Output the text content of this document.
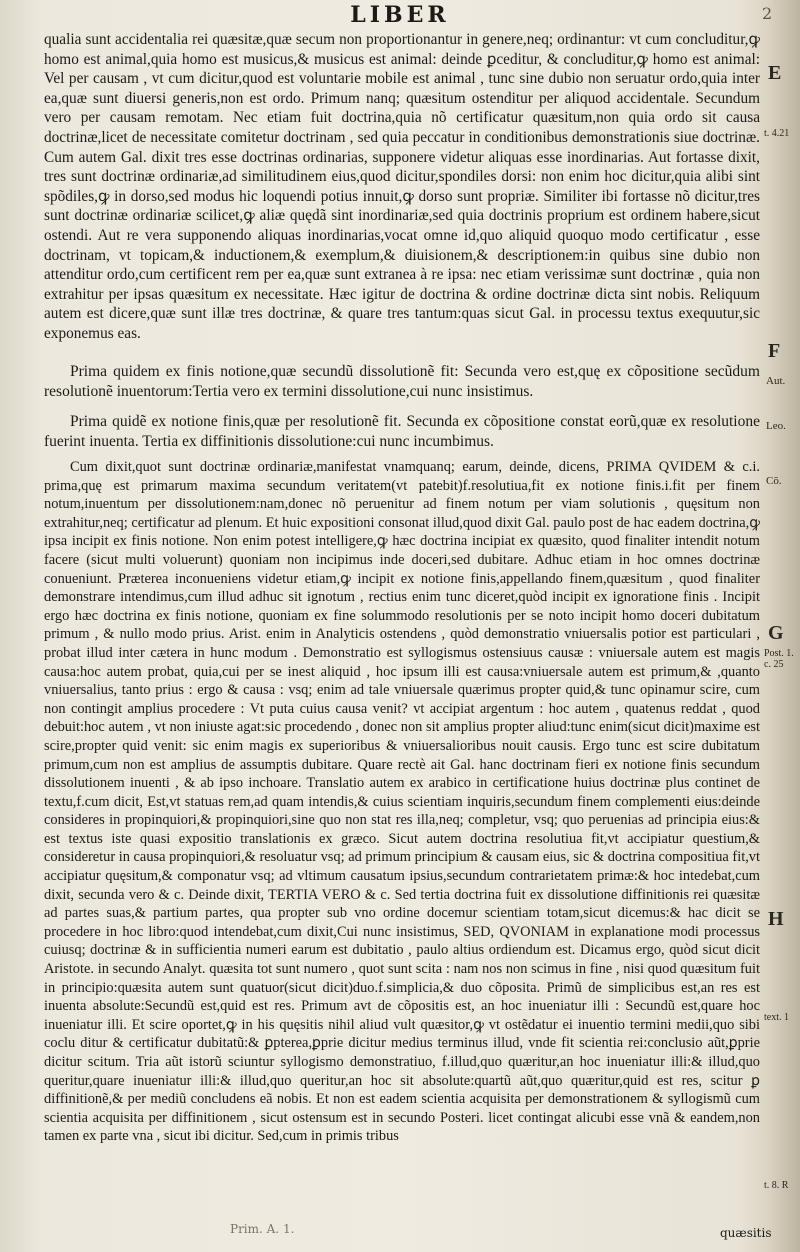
LIBER	2

qualia sunt accidentalia rei quæsitæ,quæ secum non proportionantur in genere,neq; ordinantur: vt cum concluditur,ꝙ homo est animal,quia homo est musicus,& musicus est animal: deinde ꝑceditur, & concluditur,ꝙ homo est animal: Vel per causam , vt cum dicitur,quod est voluntarie mobile est animal , tunc sine dubio non seruatur ordo,quia inter ea,quæ sunt diuersi generis,non est ordo. Primum nanq; quæsitum ostenditur per aliquod accidentale. Secundum vero per causam remotam. Nec etiam fuit doctrina,quia nõ certificatur quæsitum,non quia ordo sit causa doctrinæ,licet de necessitate comitetur doctrinam , sed quia peccatur in conditionibus demonstrationis siue doctrinæ. Cum autem Gal. dixit tres esse doctrinas ordinarias, supponere videtur aliquas esse inordinarias. Aut fortasse dixit, tres sunt doctrinæ ordinariæ,ad similitudinem eius,quod dicitur,spondiles dorsi: non enim hoc dicitur,quia alibi sint spõdiles,ꝙ in dorso,sed modus hic loquendi potius innuit,ꝙ dorso sunt propriæ. Similiter ibi fortasse nõ dicitur,tres sunt doctrinæ ordinariæ scilicet,ꝙ aliæ quędã sint inordinariæ,sed quia doctrinis proprium est ordinem habere,sicut ostendi. Aut re vera supponendo aliquas inordinarias,vocat omne id,quo aliquid quoquo modo certificatur , esse doctrinam, vt topicam,& inductionem,& exemplum,& diuisionem,& descriptionem:in quibus sine dubio non attenditur ordo,cum certificent rem per ea,quæ sunt extranea à re ipsa: nec etiam verissimæ sunt doctrinæ , quia non extrahitur per ipsas quæsitum ex necessitate. Hæc igitur de doctrina & ordine doctrinæ dicta sint nobis. Reliquum autem est dicere,quæ sunt illæ tres doctrinæ, & quare tres tantum:quas sicut Gal. in processu textus exequutur,sic exponemus eas.

Prima quidem ex finis notione,quæ secundũ dissolutionẽ fit: Secunda vero est,quę ex cõpositione secũdum resolutionẽ inuentorum:Tertia vero ex termini dissolutione,cui nunc insistimus.

Prima quidẽ ex notione finis,quæ per resolutionẽ fit. Secunda ex cõpositione constat eorũ,quæ ex resolutione fuerint inuenta. Tertia ex diffinitionis dissolutione:cui nunc incumbimus.

Cum dixit,quot sunt doctrinæ ordinariæ,manifestat vnamquanq; earum, deinde, dicens, PRIMA QVIDEM & c.i. prima,quę est primarum maxima secundum veritatem(vt patebit)f.resolutiua,fit ex notione finis.i.fit per finem notum,inuentum per dissolutionem:nam,donec nõ peruenitur ad finem notum per viam solutionis , quęsitum non extrahitur,neq; certificatur ad plenum. Et huic expositioni consonat illud,quod dixit Gal. paulo post de hac eadem doctrina,ꝙ ipsa incipit ex finis notione. Non enim potest intelligere,ꝙ hæc doctrina incipiat ex quæsito, quod finaliter intendit notum facere (sicut multi voluerunt) quoniam non incipimus inde doceri,sed dubitare. Adhuc etiam in hoc omnes doctrinæ conueniunt. Præterea inconueniens videtur etiam,ꝙ incipit ex notione finis,appellando finem,quæsitum , quod finaliter demonstrare intendimus,cum illud adhuc sit ignotum , rectius enim tunc diceret,quòd incipit ex ignoratione finis . Incipit ergo hæc doctrina ex finis notione, quoniam ex fine solummodo resolutionis per se noto incipit homo doceri dubitatum primum , & nullo modo prius. Arist. enim in Analyticis ostendens , quòd demonstratio vniuersalis potior est particulari , probat illud inter cætera in hunc modum . Demonstratio est syllogismus ostensiuus causæ : vniuersale autem est magis causa:hoc autem probat, quia,cui per se inest aliquid , hoc ipsum illi est causa:vniuersale autem est primum,& ,quanto vniuersalius, tanto prius : ergo & causa : vsq; enim ad tale vniuersale quærimus propter quid,& tunc opinamur scire, cum non contingit amplius procedere : Vt puta cuius causa venit? vt accipiat argentum : hoc autem , quatenus reddat , quod debuit:hoc autem , vt non iniuste agat:sic procedendo , donec non sit amplius propter aliud:tunc enim(sicut dicit)maxime est scire,propter quid venit: sic enim magis ex superioribus & vniuersalioribus nouit causis. Ergo tunc est scire dubitatum primum,cum non est amplius de assumptis dubitare. Quare rectè ait Gal. hanc doctrinam fieri ex notione finis secundum dissolutionem inuenti , & ab ipso inchoare. Translatio autem ex arabico in certificatione huius doctrinæ plus continet de textu,f.cum dicit, Est,vt statuas rem,ad quam intendis,& cuius scientiam inquiris,secundum finem complementi eius:deinde consideres in propinquiori,& propinquiori,sine quo non stat res illa,neq; completur, vsq; quo peruenias ad principia eius:& est textus iste quasi expositio translationis ex græco. Sicut autem doctrina resolutiua fit,vt accipiatur questium,& consideretur in causa propinquiori,& resoluatur vsq; ad primum principium & causam eius, sic & doctrina compositiua fit,vt accipiatur quęsitum,& componatur vsq; ad vltimum causatum ipsius,secundum contrarietatem primæ:& hoc intedebat,cum dixit, secunda vero & c. Deinde dixit, TERTIA VERO & c. Sed tertia doctrina fuit ex dissolutione diffinitionis rei quæsitæ ad partes suas,& partium partes, qua propter sub vno ordine docemur scientiam totam,sicut dicemus:& hac dicit se procedere in hoc libro:quod intendebat,cum dixit,Cui nunc insistimus, SED, QVONIAM in explanatione modi processus cuiusq; doctrinæ & in sufficientia numeri earum est dubitatio , paulo altius ordiendum est. Dicamus ergo, quòd sicut dicit Aristote. in secundo Analyt. quæsita tot sunt numero , quot sunt scita : nam nos non scimus in fine , nisi quod quæsitum fuit in principio:quæsita autem sunt quatuor(sicut dicit)duo.f.simplicia,& duo cõposita. Primũ de simplicibus est,an res est inuenta absolute:Secundũ est,quid est res. Primum avt de cõpositis est, an hoc inueniatur illi : Secundũ est,quare hoc inueniatur illi. Et scire oportet,ꝙ in his quęsitis nihil aliud vult quæsitor,ꝙ vt ostẽdatur ei inuentio termini medii,quo sibi coclu ditur & certificatur dubitatũ:& ꝑpterea,ꝑprie dicitur medius terminus illud, vnde fit scientia rei:conclusio aũt,ꝑprie dicitur scitum. Tria aũt istorũ sciuntur syllogismo demonstratiuo, f.illud,quo quæritur,an hoc inueniatur illi:& illud,quo queritur,quare inueniatur illi:& illud,quo queritur,an hoc sit absolute:quartũ aũt,quo quæritur,quid est res, scitur ꝑ diffinitionẽ,& per mediũ concludens eã nobis. Et non est eadem scientia acquisita per demonstrationem & syllogismũ cum scientia acquisita per diffinitionem , sicut ostensum est in secundo Posteri. licet contingat alicubi esse vnã & eandem,non tamen ex parte vna , sicut ibi dicitur. Sed,cum in primis tribus

E
t. 4.21
F
Aut.
Leo.
Cõ.
G
Post. 1. c. 25
H
text. 1
t. 8. R
Prim. A. 1.	quæsitis
